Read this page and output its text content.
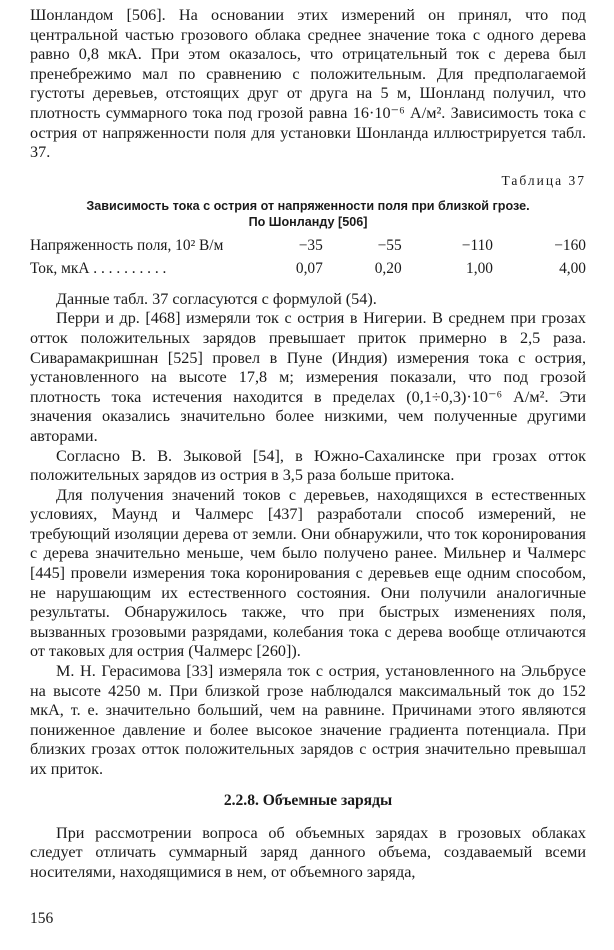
Шонландом [506]. На основании этих измерений он принял, что под центральной частью грозового облака среднее значение тока с одного дерева равно 0,8 мкА. При этом оказалось, что отрицательный ток с дерева был пренебрежимо мал по сравнению с положительным. Для предполагаемой густоты деревьев, отстоящих друг от друга на 5 м, Шонланд получил, что плотность суммарного тока под грозой равна 16·10⁻⁶ А/м². Зависимость тока с острия от напряженности поля для установки Шонланда иллюстрируется табл. 37.

Таблица 37
Зависимость тока с острия от напряженности поля при близкой грозе.
По Шонланду [506]
Напряженность поля, 10² В/м	−35	−55	−110	−160
Ток, мкА . . . . . . . . . .	0,07	0,20	1,00	4,00

Данные табл. 37 согласуются с формулой (54).

Перри и др. [468] измеряли ток с острия в Нигерии. В среднем при грозах отток положительных зарядов превышает приток примерно в 2,5 раза. Сиварамакришнан [525] провел в Пуне (Индия) измерения тока с острия, установленного на высоте 17,8 м; измерения показали, что под грозой плотность тока истечения находится в пределах (0,1÷0,3)·10⁻⁶ А/м². Эти значения оказались значительно более низкими, чем полученные другими авторами.

Согласно В. В. Зыковой [54], в Южно-Сахалинске при грозах отток положительных зарядов из острия в 3,5 раза больше притока.

Для получения значений токов с деревьев, находящихся в естественных условиях, Маунд и Чалмерс [437] разработали способ измерений, не требующий изоляции дерева от земли. Они обнаружили, что ток коронирования с дерева значительно меньше, чем было получено ранее. Мильнер и Чалмерс [445] провели измерения тока коронирования с деревьев еще одним способом, не нарушающим их естественного состояния. Они получили аналогичные результаты. Обнаружилось также, что при быстрых изменениях поля, вызванных грозовыми разрядами, колебания тока с дерева вообще отличаются от таковых для острия (Чалмерс [260]).

М. Н. Герасимова [33] измеряла ток с острия, установленного на Эльбрусе на высоте 4250 м. При близкой грозе наблюдался максимальный ток до 152 мкА, т. е. значительно больший, чем на равнине. Причинами этого являются пониженное давление и более высокое значение градиента потенциала. При близких грозах отток положительных зарядов с острия значительно превышал их приток.

2.2.8. Объемные заряды

При рассмотрении вопроса об объемных зарядах в грозовых облаках следует отличать суммарный заряд данного объема, создаваемый всеми носителями, находящимися в нем, от объемного заряда,

156
